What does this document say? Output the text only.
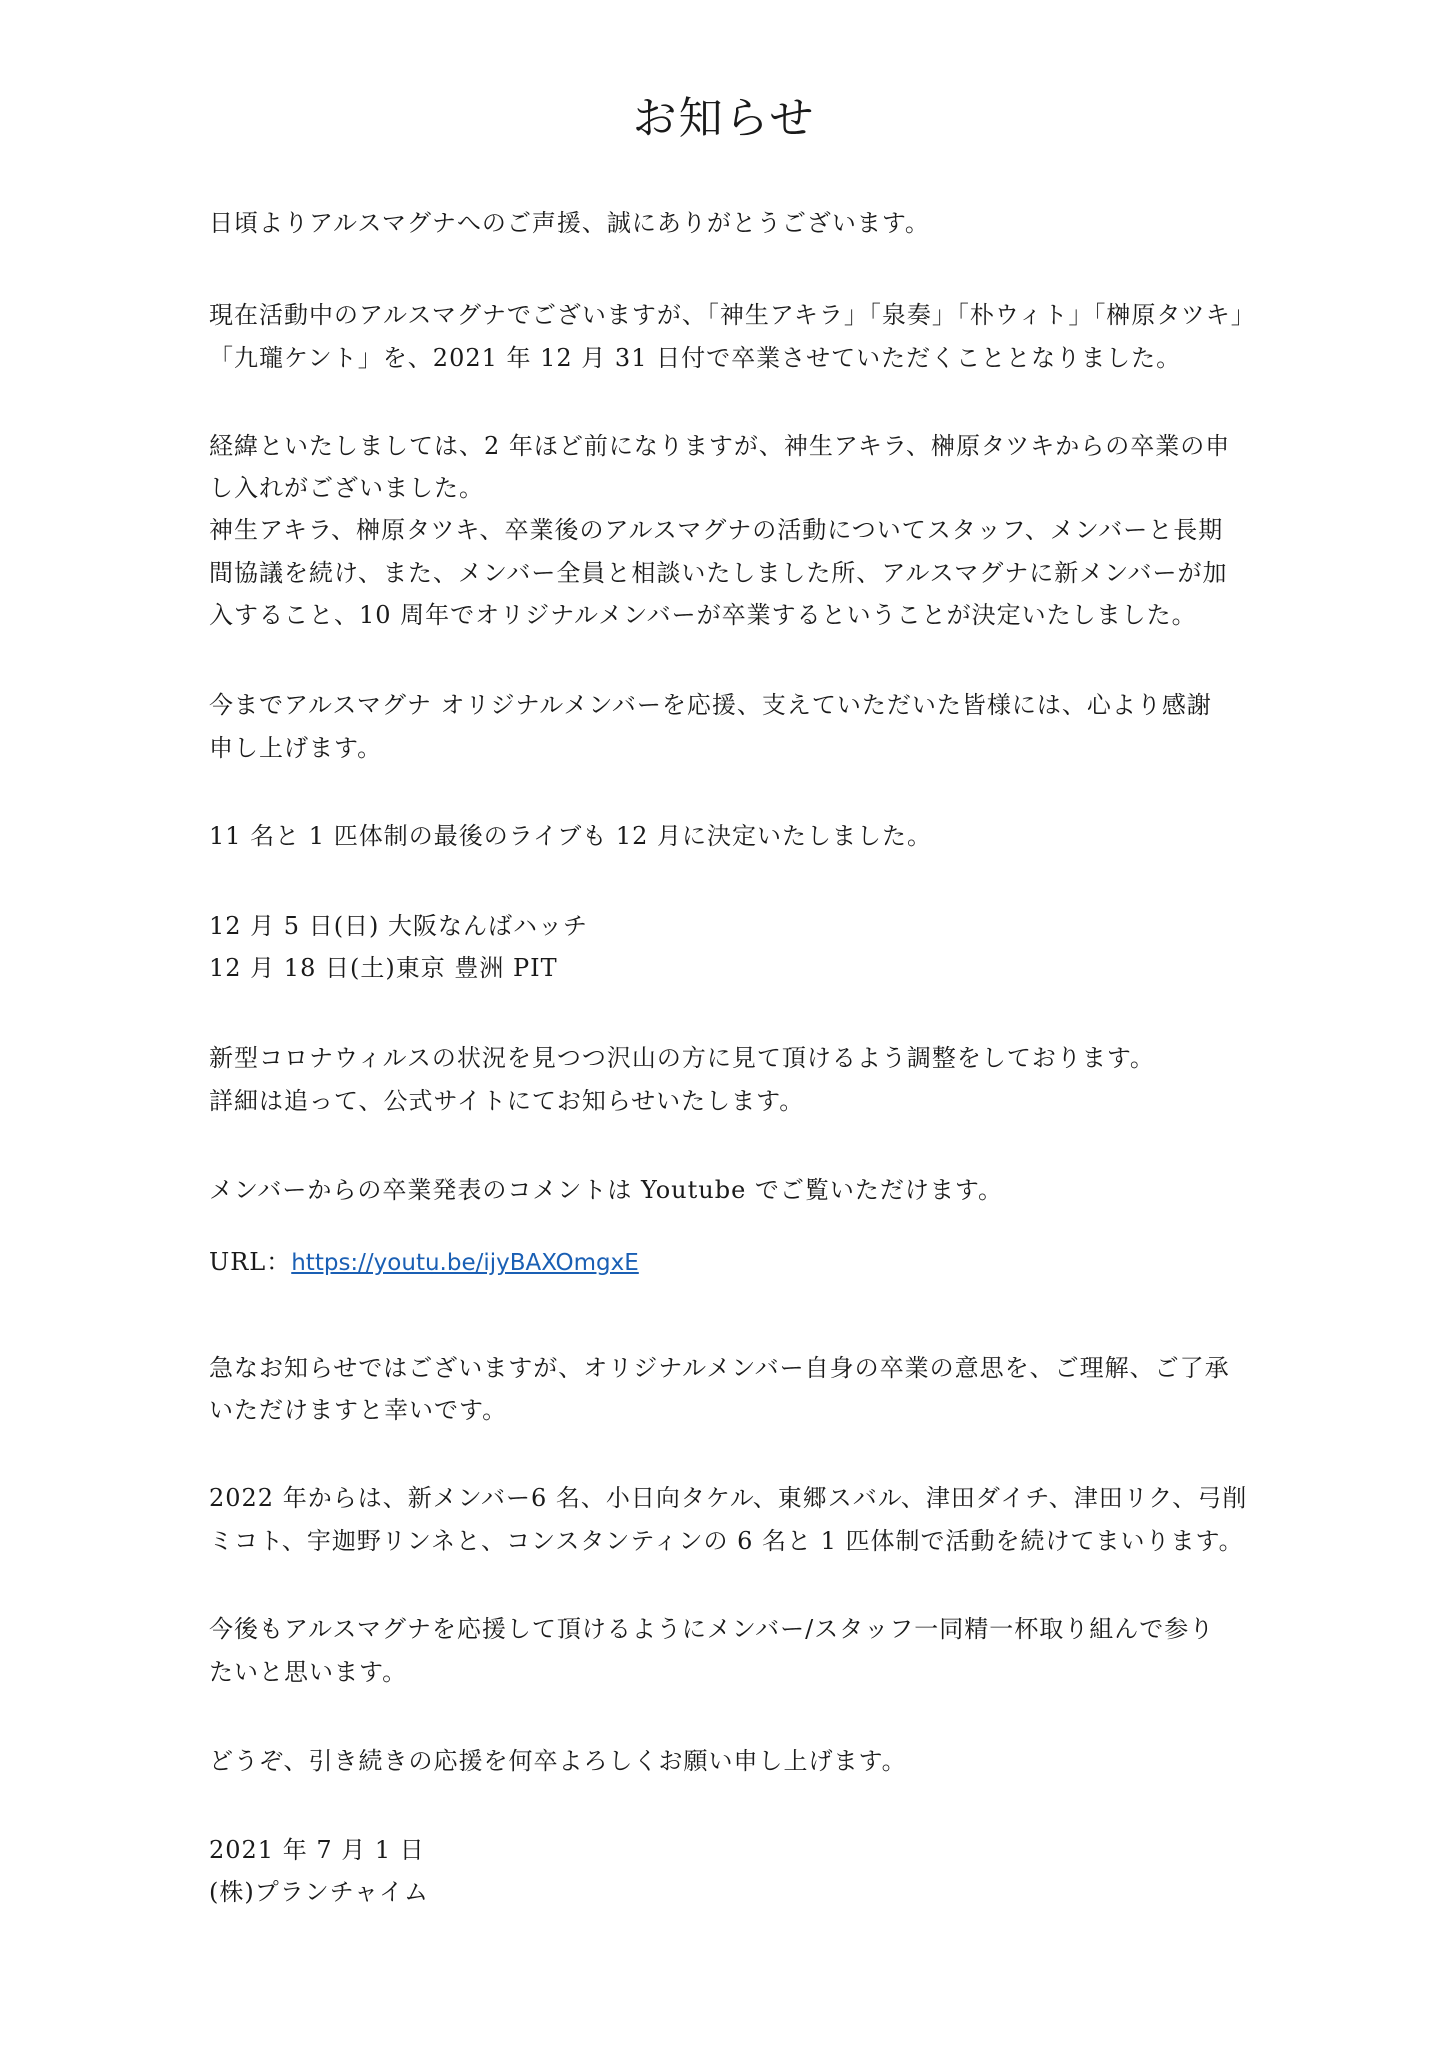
お知らせ
日頃よりアルスマグナへのご声援、誠にありがとうございます。
現在活動中のアルスマグナでございますが、「神生アキラ」「泉奏」「朴ウィト」「榊原タツキ」
「九瓏ケント」を、2021 年 12 月 31 日付で卒業させていただくこととなりました。
経緯といたしましては、2 年ほど前になりますが、神生アキラ、榊原タツキからの卒業の申
し入れがございました。
神生アキラ、榊原タツキ、卒業後のアルスマグナの活動についてスタッフ、メンバーと長期
間協議を続け、また、メンバー全員と相談いたしました所、アルスマグナに新メンバーが加
入すること、10 周年でオリジナルメンバーが卒業するということが決定いたしました。
今までアルスマグナ オリジナルメンバーを応援、支えていただいた皆様には、心より感謝
申し上げます。
11 名と 1 匹体制の最後のライブも 12 月に決定いたしました。
12 月 5 日(日) 大阪なんばハッチ
12 月 18 日(土)東京 豊洲 PIT
新型コロナウィルスの状況を見つつ沢山の方に見て頂けるよう調整をしております。
詳細は追って、公式サイトにてお知らせいたします。
メンバーからの卒業発表のコメントは Youtube でご覧いただけます。
URL：https://youtu.be/ijyBAXOmgxE
急なお知らせではございますが、オリジナルメンバー自身の卒業の意思を、ご理解、ご了承
いただけますと幸いです。
2022 年からは、新メンバー6 名、小日向タケル、東郷スバル、津田ダイチ、津田リク、弓削
ミコト、宇迦野リンネと、コンスタンティンの 6 名と 1 匹体制で活動を続けてまいります。
今後もアルスマグナを応援して頂けるようにメンバー/スタッフ一同精一杯取り組んで参り
たいと思います。
どうぞ、引き続きの応援を何卒よろしくお願い申し上げます。
2021 年 7 月 1 日
(株)プランチャイム
